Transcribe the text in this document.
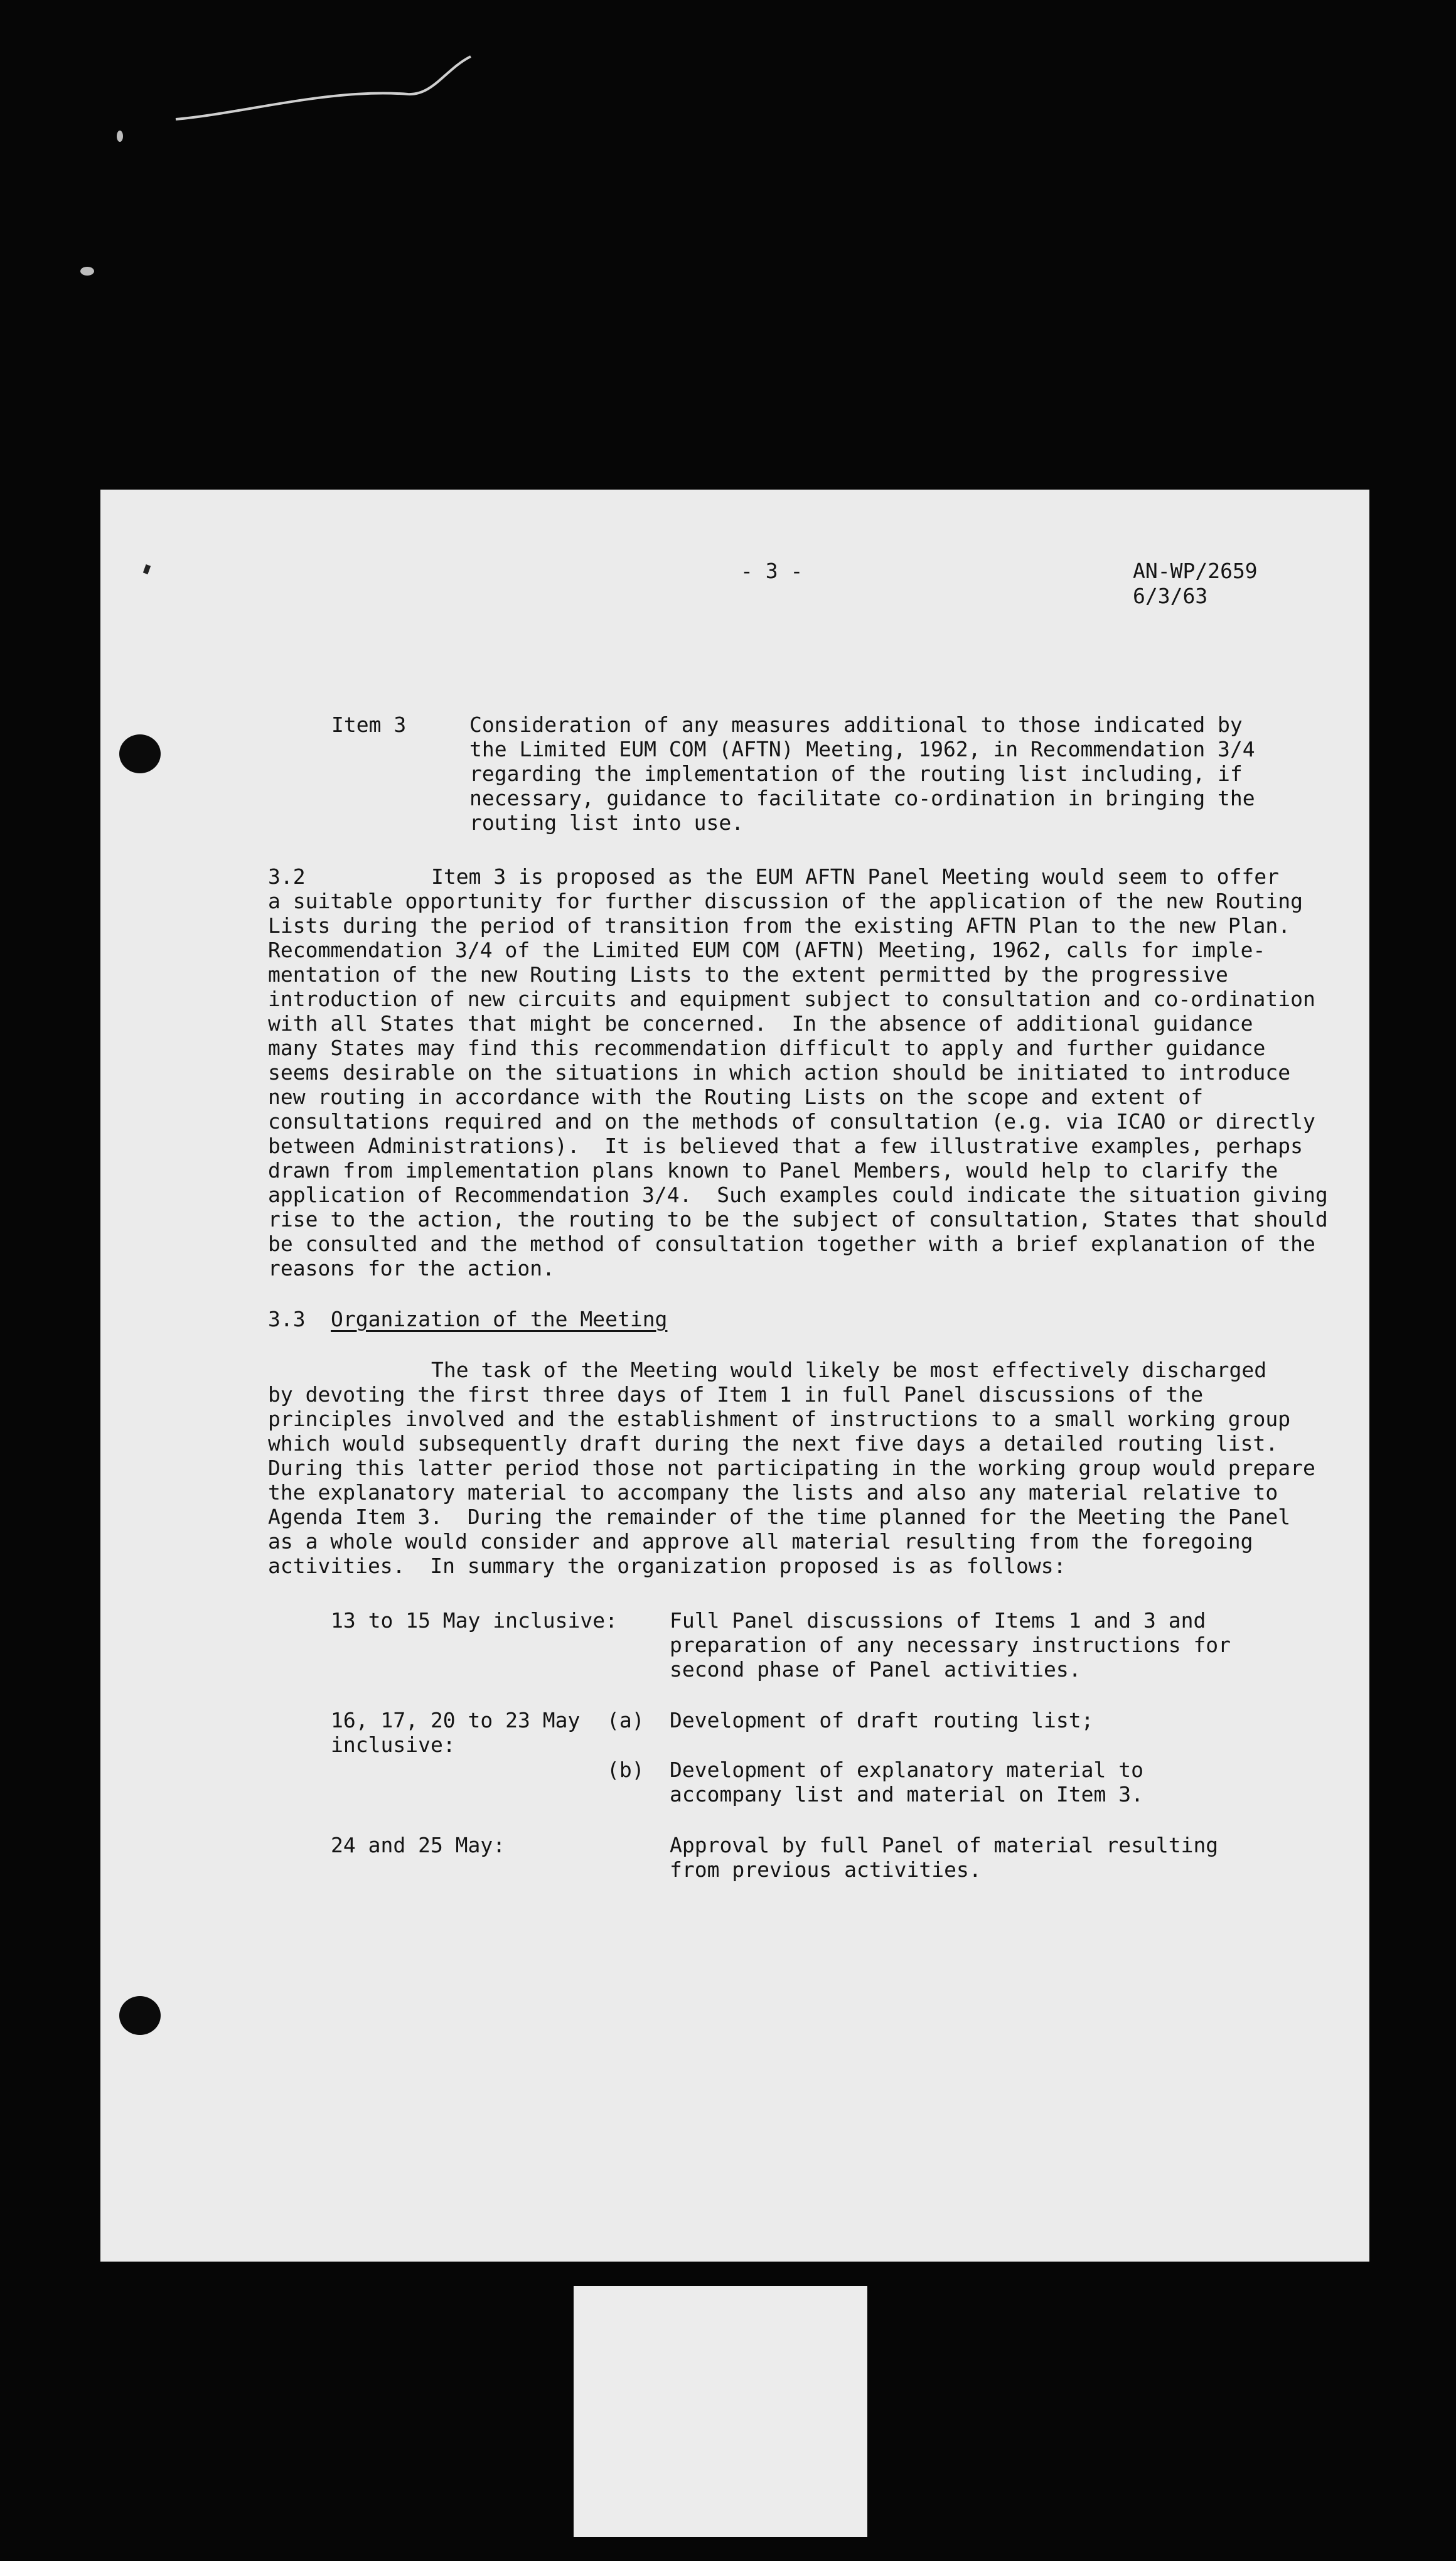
- 3 -	AN-WP/2659
6/3/63
Item 3	Consideration of any measures additional to those indicated by
the Limited EUM COM (AFTN) Meeting, 1962, in Recommendation 3/4
regarding the implementation of the routing list including, if
necessary, guidance to facilitate co-ordination in bringing the
routing list into use.
3.2	Item 3 is proposed as the EUM AFTN Panel Meeting would seem to offer
a suitable opportunity for further discussion of the application of the new Routing
Lists during the period of transition from the existing AFTN Plan to the new Plan.
Recommendation 3/4 of the Limited EUM COM (AFTN) Meeting, 1962, calls for imple-
mentation of the new Routing Lists to the extent permitted by the progressive
introduction of new circuits and equipment subject to consultation and co-ordination
with all States that might be concerned.  In the absence of additional guidance
many States may find this recommendation difficult to apply and further guidance
seems desirable on the situations in which action should be initiated to introduce
new routing in accordance with the Routing Lists on the scope and extent of
consultations required and on the methods of consultation (e.g. via ICAO or directly
between Administrations).  It is believed that a few illustrative examples, perhaps
drawn from implementation plans known to Panel Members, would help to clarify the
application of Recommendation 3/4.  Such examples could indicate the situation giving
rise to the action, the routing to be the subject of consultation, States that should
be consulted and the method of consultation together with a brief explanation of the
reasons for the action.
3.3 Organization of the Meeting
The task of the Meeting would likely be most effectively discharged
by devoting the first three days of Item 1 in full Panel discussions of the
principles involved and the establishment of instructions to a small working group
which would subsequently draft during the next five days a detailed routing list.
During this latter period those not participating in the working group would prepare
the explanatory material to accompany the lists and also any material relative to
Agenda Item 3.  During the remainder of the time planned for the Meeting the Panel
as a whole would consider and approve all material resulting from the foregoing
activities.  In summary the organization proposed is as follows:
13 to 15 May inclusive:	Full Panel discussions of Items 1 and 3 and
preparation of any necessary instructions for
second phase of Panel activities.
16, 17, 20 to 23 May
inclusive:
(a) Development of draft routing list;
(b) Development of explanatory material to
accompany list and material on Item 3.
24 and 25 May:	Approval by full Panel of material resulting
from previous activities.
